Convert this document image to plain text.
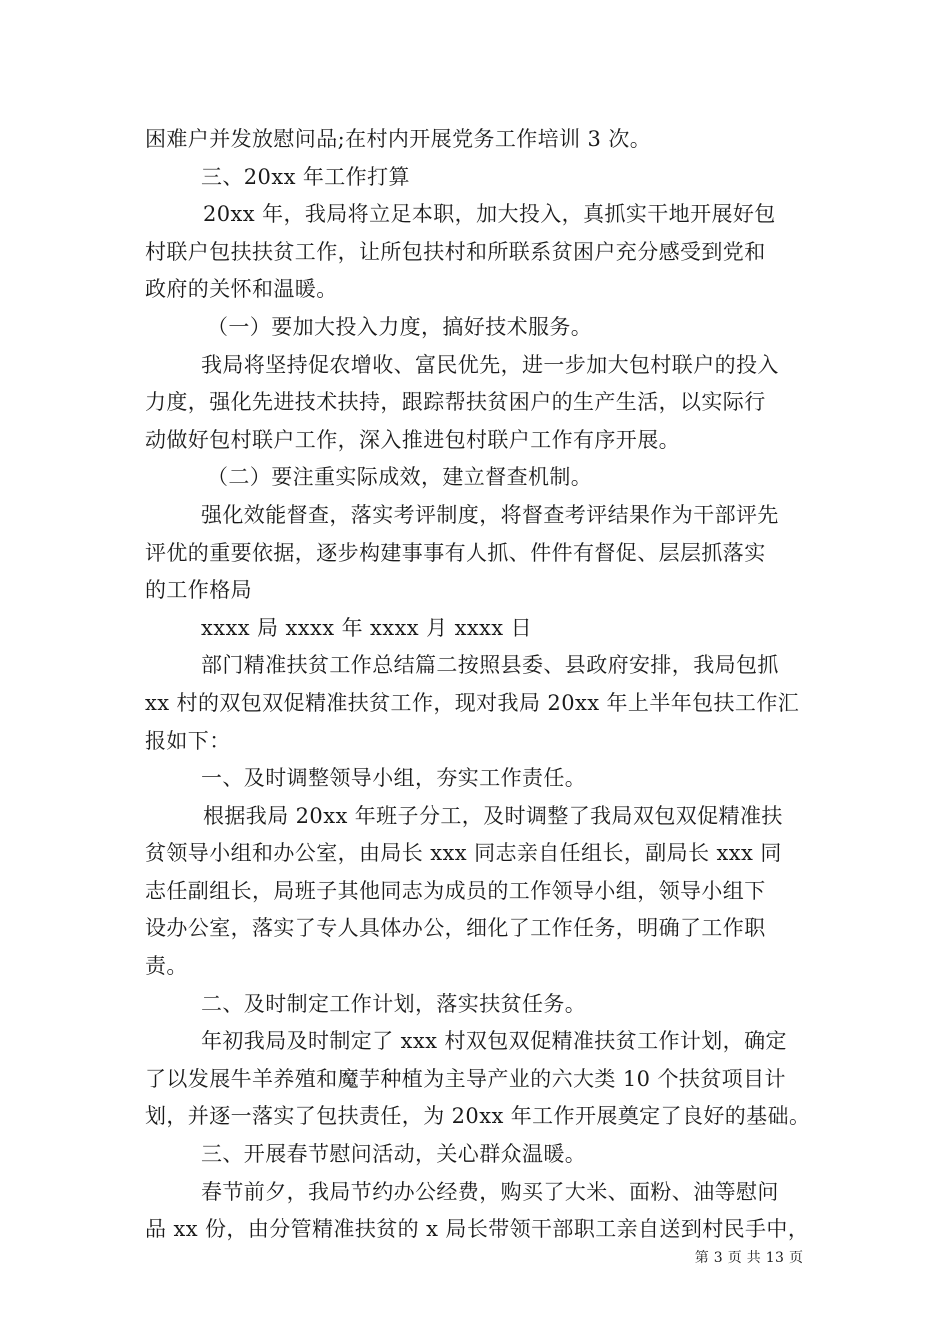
困难户并发放慰问品;在村内开展党务工作培训 3 次。
三、20xx 年工作打算
20xx 年，我局将立足本职，加大投入，真抓实干地开展好包
村联户包扶扶贫工作，让所包扶村和所联系贫困户充分感受到党和
政府的关怀和温暖。
（一）要加大投入力度，搞好技术服务。
我局将坚持促农增收、富民优先，进一步加大包村联户的投入
力度，强化先进技术扶持，跟踪帮扶贫困户的生产生活，以实际行
动做好包村联户工作，深入推进包村联户工作有序开展。
（二）要注重实际成效，建立督查机制。
强化效能督查，落实考评制度，将督查考评结果作为干部评先
评优的重要依据，逐步构建事事有人抓、件件有督促、层层抓落实
的工作格局
xxxx 局 xxxx 年 xxxx 月 xxxx 日
部门精准扶贫工作总结篇二按照县委、县政府安排，我局包抓
xx 村的双包双促精准扶贫工作，现对我局 20xx 年上半年包扶工作汇
报如下：
一、及时调整领导小组，夯实工作责任。
根据我局 20xx 年班子分工，及时调整了我局双包双促精准扶
贫领导小组和办公室，由局长 xxx 同志亲自任组长，副局长 xxx 同
志任副组长，局班子其他同志为成员的工作领导小组，领导小组下
设办公室，落实了专人具体办公，细化了工作任务，明确了工作职
责。
二、及时制定工作计划，落实扶贫任务。
年初我局及时制定了 xxx 村双包双促精准扶贫工作计划，确定
了以发展牛羊养殖和魔芋种植为主导产业的六大类 10 个扶贫项目计
划，并逐一落实了包扶责任，为 20xx 年工作开展奠定了良好的基础。
三、开展春节慰问活动，关心群众温暖。
春节前夕，我局节约办公经费，购买了大米、面粉、油等慰问
品 xx 份，由分管精准扶贫的 x 局长带领干部职工亲自送到村民手中，
第 3 页 共 13 页
